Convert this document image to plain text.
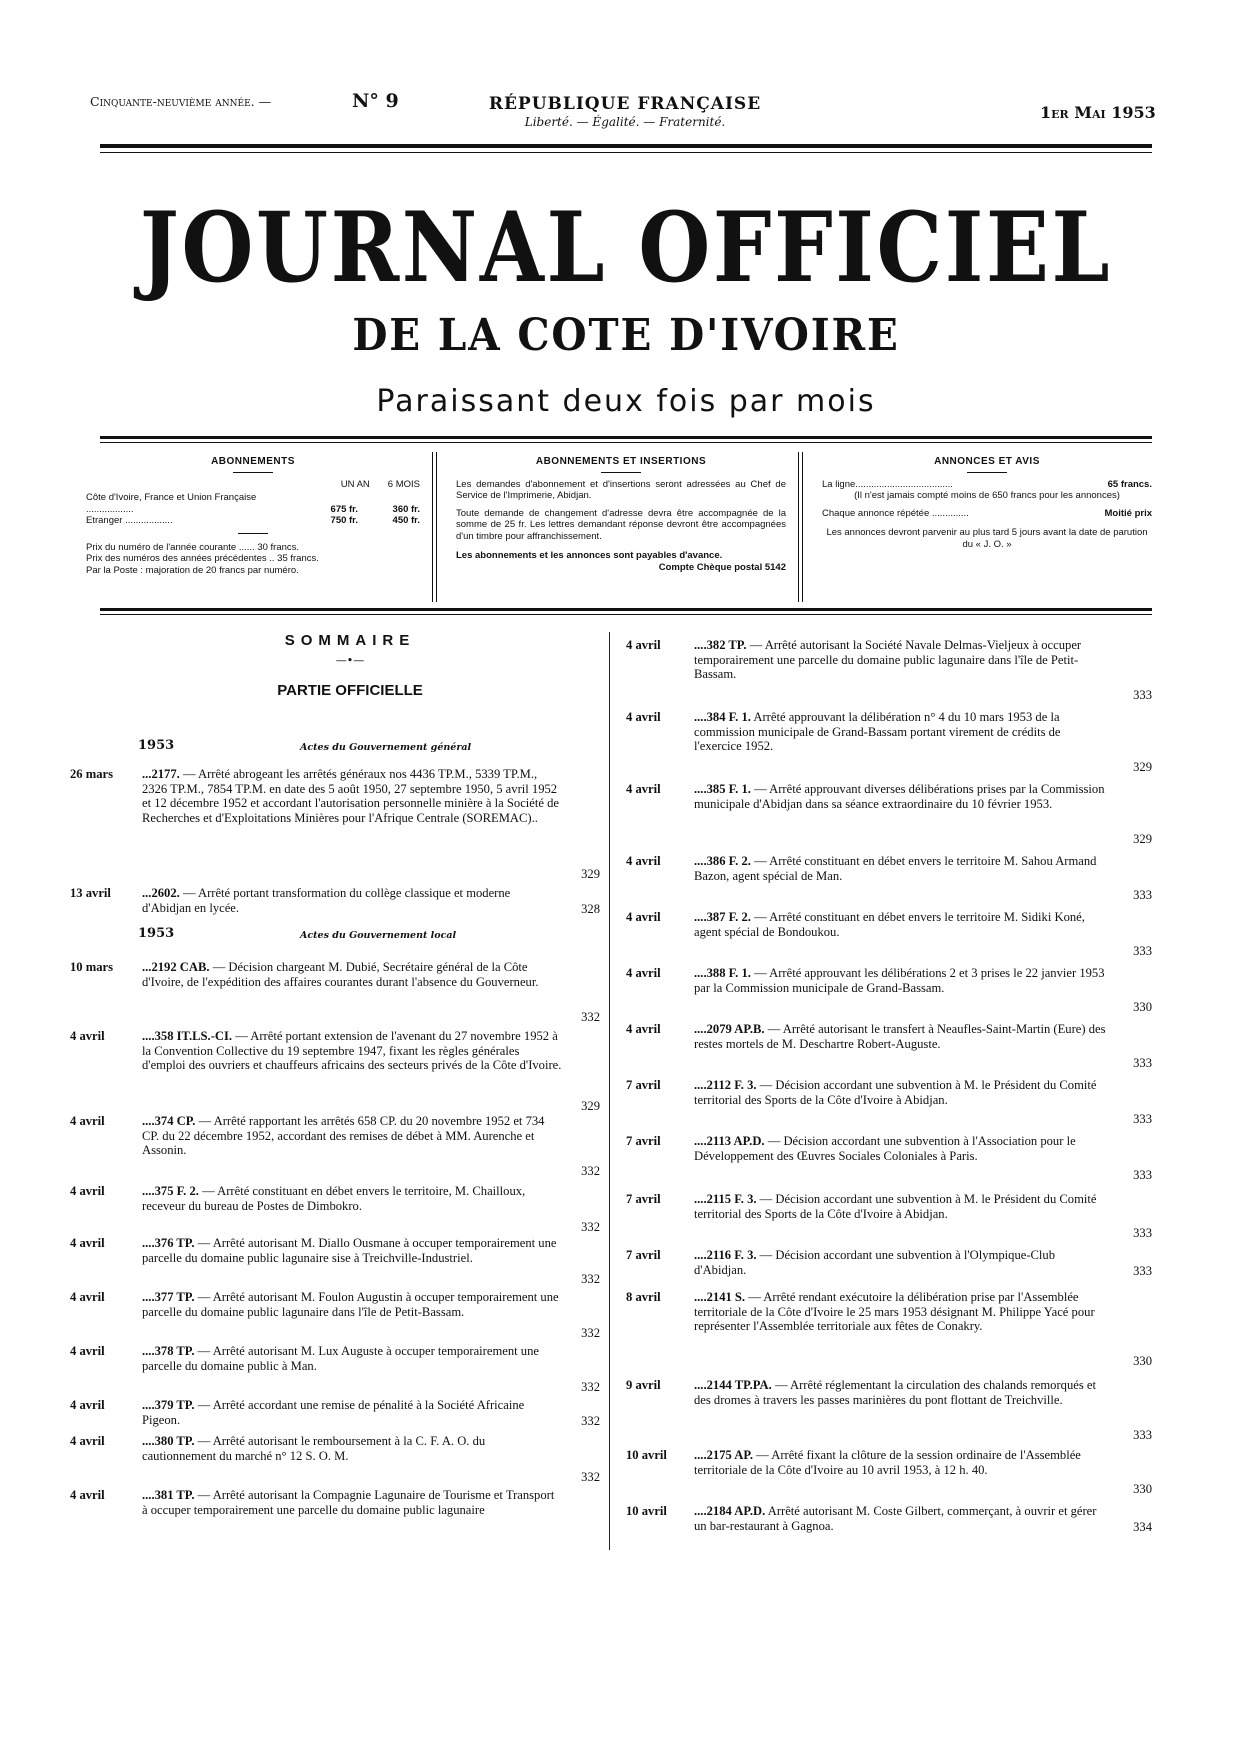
Cinquante-neuvième année. —	N° 9	RÉPUBLIQUE FRANÇAISE
Liberté. — Égalité. — Fraternité.	1er Mai 1953
JOURNAL OFFICIEL
DE LA COTE D'IVOIRE
Paraissant deux fois par mois
ABONNEMENTS
UN AN 6 MOIS
Côte d'Ivoire, France et Union Française ..................	675 fr.	360 fr.
Etranger ..................	750 fr.	450 fr.
Prix du numéro de l'année courante ...... 30 francs.
Prix des numéros des années précédentes .. 35 francs.
Par la Poste : majoration de 20 francs par numéro.
ABONNEMENTS ET INSERTIONS
Les demandes d'abonnement et d'insertions seront adressées au Chef de Service de l'Imprimerie, Abidjan.
Toute demande de changement d'adresse devra être accompagnée de la somme de 25 fr. Les lettres demandant réponse devront être accompagnées d'un timbre pour affranchissement.
Les abonnements et les annonces sont payables d'avance.
Compte Chèque postal 5142
ANNONCES ET AVIS
La ligne.....................................	65 francs.
(Il n'est jamais compté moins de 650 francs pour les annonces)
Chaque annonce répétée ..............	Moitié prix
Les annonces devront parvenir au plus tard 5 jours avant la date de parution du « J. O. »
SOMMAIRE
—•—
PARTIE OFFICIELLE
1953	Actes du Gouvernement général
1953	Actes du Gouvernement local
26 mars ...2177. — Arrêté abrogeant les arrêtés généraux nos 4436 TP.M., 5339 TP.M., 2326 TP.M., 7854 TP.M. en date des 5 août 1950, 27 septembre 1950, 5 avril 1952 et 12 décembre 1952 et accordant l'autorisation personnelle minière à la Société de Recherches et d'Exploitations Minières pour l'Afrique Centrale (SOREMAC)..
329
13 avril ...2602. — Arrêté portant transformation du collège classique et moderne d'Abidjan en lycée.	328
10 mars ...2192 CAB. — Décision chargeant M. Dubié, Secrétaire général de la Côte d'Ivoire, de l'expédition des affaires courantes durant l'absence du Gouverneur.
332
4 avril	....358 IT.LS.-CI. — Arrêté portant extension de l'avenant du 27 novembre 1952 à la Convention Collective du 19 septembre 1947, fixant les règles générales d'emploi des ouvriers et chauffeurs africains des secteurs privés de la Côte d'Ivoire.
329
4 avril	....374 CP. — Arrêté rapportant les arrêtés 658 CP. du 20 novembre 1952 et 734 CP. du 22 décembre 1952, accordant des remises de débet à MM. Aurenche et Assonin.
332
4 avril	....375 F. 2. — Arrêté constituant en débet envers le territoire, M. Chailloux, receveur du bureau de Postes de Dimbokro.
332
4 avril	....376 TP. — Arrêté autorisant M. Diallo Ousmane à occuper temporairement une parcelle du domaine public lagunaire sise à Treichville-Industriel.
332
4 avril	....377 TP. — Arrêté autorisant M. Foulon Augustin à occuper temporairement une parcelle du domaine public lagunaire dans l'île de Petit-Bassam.
332
4 avril	....378 TP. — Arrêté autorisant M. Lux Auguste à occuper temporairement une parcelle du domaine public à Man.
332
4 avril	....379 TP. — Arrêté accordant une remise de pénalité à la Société Africaine Pigeon.	332
4 avril	....380 TP. — Arrêté autorisant le remboursement à la C. F. A. O. du cautionnement du marché n° 12 S. O. M.
332
4 avril	....381 TP. — Arrêté autorisant la Compagnie Lagunaire de Tourisme et Transport à occuper temporairement une parcelle du domaine public lagunaire
4 avril	....382 TP. — Arrêté autorisant la Société Navale Delmas-Vieljeux à occuper temporairement une parcelle du domaine public lagunaire dans l'île de Petit-Bassam.
333
4 avril	....384 F. 1. Arrêté approuvant la délibération n° 4 du 10 mars 1953 de la commission municipale de Grand-Bassam portant virement de crédits de l'exercice 1952.
329
4 avril	....385 F. 1. — Arrêté approuvant diverses délibérations prises par la Commission municipale d'Abidjan dans sa séance extraordinaire du 10 février 1953.
329
4 avril	....386 F. 2. — Arrêté constituant en débet envers le territoire M. Sahou Armand Bazon, agent spécial de Man.
333
4 avril	....387 F. 2. — Arrêté constituant en débet envers le territoire M. Sidiki Koné, agent spécial de Bondoukou.
333
4 avril	....388 F. 1. — Arrêté approuvant les délibérations 2 et 3 prises le 22 janvier 1953 par la Commission municipale de Grand-Bassam.
330
4 avril	....2079 AP.B. — Arrêté autorisant le transfert à Neaufles-Saint-Martin (Eure) des restes mortels de M. Deschartre Robert-Auguste.
333
7 avril	....2112 F. 3. — Décision accordant une subvention à M. le Président du Comité territorial des Sports de la Côte d'Ivoire à Abidjan.
333
7 avril	....2113 AP.D. — Décision accordant une subvention à l'Association pour le Développement des Œuvres Sociales Coloniales à Paris.
333
7 avril	....2115 F. 3. — Décision accordant une subvention à M. le Président du Comité territorial des Sports de la Côte d'Ivoire à Abidjan.
333
7 avril	....2116 F. 3. — Décision accordant une subvention à l'Olympique-Club d'Abidjan.	333
8 avril	....2141 S. — Arrêté rendant exécutoire la délibération prise par l'Assemblée territoriale de la Côte d'Ivoire le 25 mars 1953 désignant M. Philippe Yacé pour représenter l'Assemblée territoriale aux fêtes de Conakry.
330
9 avril	....2144 TP.PA. — Arrêté réglementant la circulation des chalands remorqués et des dromes à travers les passes marinières du pont flottant de Treichville.
333
10 avril ....2175 AP. — Arrêté fixant la clôture de la session ordinaire de l'Assemblée territoriale de la Côte d'Ivoire au 10 avril 1953, à 12 h. 40.
330
10 avril ....2184 AP.D. Arrêté autorisant M. Coste Gilbert, commerçant, à ouvrir et gérer un bar-restaurant à Gagnoa.	334
